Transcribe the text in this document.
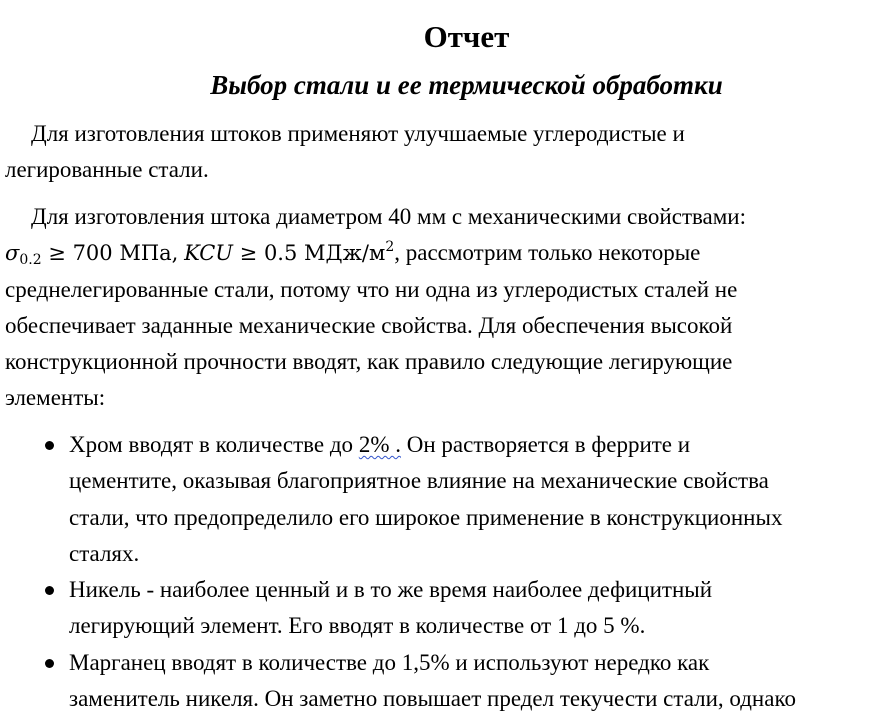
Отчет
Выбор стали и ее термической обработки
Для изготовления штоков применяют улучшаемые углеродистые и
легированные стали.
Для изготовления штока диаметром 40 мм с механическими свойствами:
$\sigma_{0.2} \ge 700$ МПа, KCU ≥ 0.5 МДж/$м^2$, рассмотрим только некоторые
среднелегированные стали, потому что ни одна из углеродистых сталей не
обеспечивает заданные механические свойства. Для обеспечения высокой
конструкционной прочности вводят, как правило следующие легирующие
элементы:
Хром вводят в количестве до 2% . Он растворяется в феррите и
цементите, оказывая благоприятное влияние на механические свойства
стали, что предопределило его широкое применение в конструкционных
сталях.
Никель - наиболее ценный и в то же время наиболее дефицитный
легирующий элемент. Его вводят в количестве от 1 до 5 %.
Марганец вводят в количестве до 1,5% и используют нередко как
заменитель никеля. Он заметно повышает предел текучести стали, однако
